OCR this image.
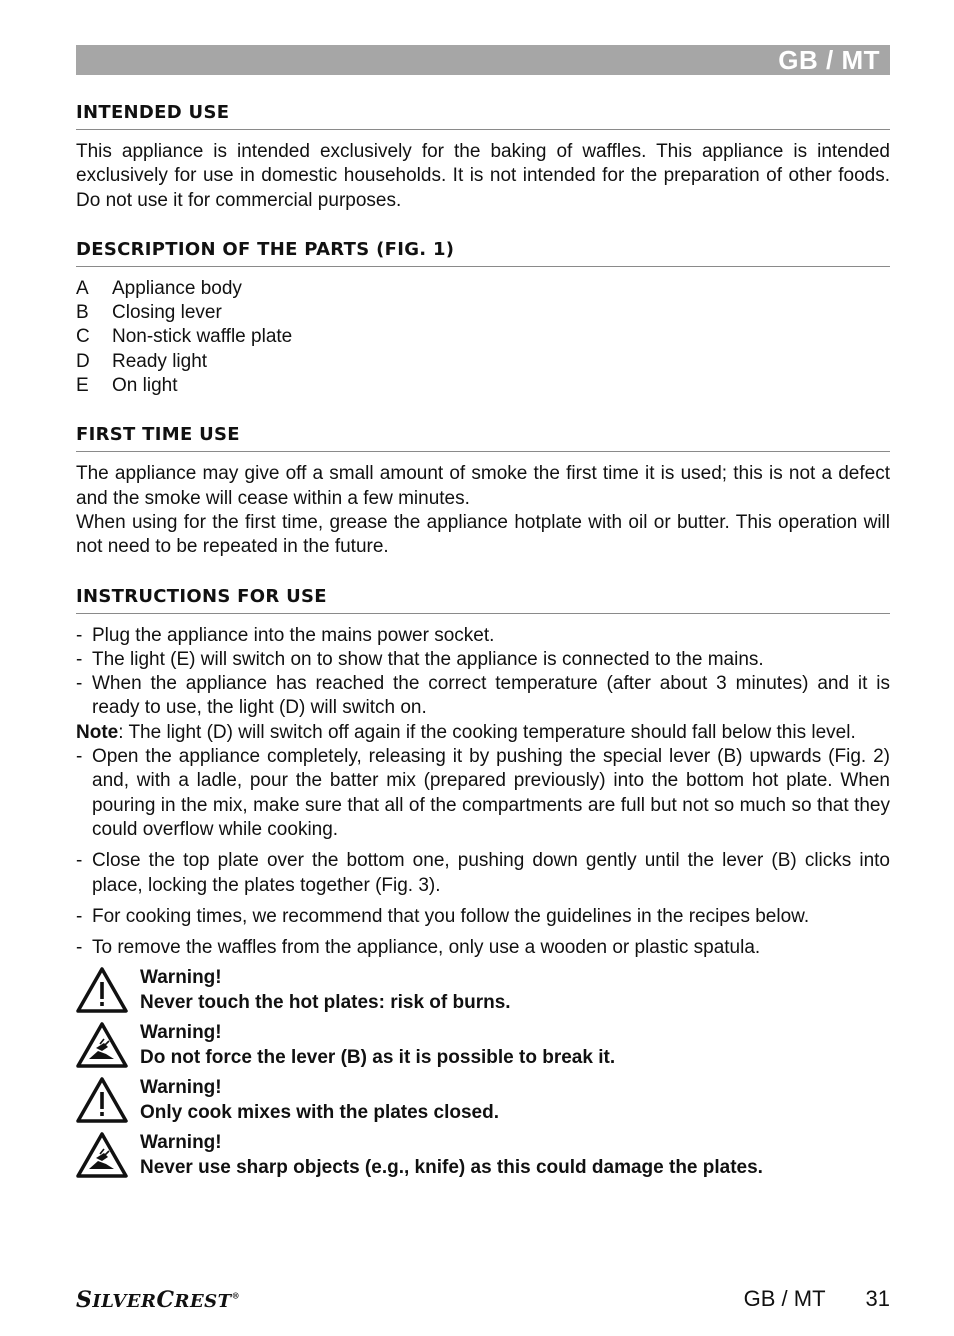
GB / MT
INTENDED USE

This appliance is intended exclusively for the baking of waffles. This appliance is intended exclusively for use in domestic households. It is not intended for the preparation of other foods. Do not use it for commercial purposes.

DESCRIPTION OF THE PARTS (FIG. 1)
A	Appliance body
B	Closing lever
C	Non-stick waffle plate
D	Ready light
E	On light
FIRST TIME USE

The appliance may give off a small amount of smoke the first time it is used; this is not a defect and the smoke will cease within a few minutes.

When using for the first time, grease the appliance hotplate with oil or butter. This operation will not need to be repeated in the future.

INSTRUCTIONS FOR USE
- Plug the appliance into the mains power socket.
- The light (E) will switch on to show that the appliance is connected to the mains.
- When the appliance has reached the correct temperature (after about 3 minutes) and it is ready to use, the light (D) will switch on.
Note: The light (D) will switch off again if the cooking temperature should fall below this level.
- Open the appliance completely, releasing it by pushing the special lever (B) upwards (Fig. 2) and, with a ladle, pour the batter mix (prepared previously) into the bottom hot plate. When pouring in the mix, make sure that all of the compartments are full but not so much so that they could overflow while cooking.
- Close the top plate over the bottom one, pushing down gently until the lever (B) clicks into place, locking the plates together (Fig. 3).
- For cooking times, we recommend that you follow the guidelines in the recipes below.
- To remove the waffles from the appliance, only use a wooden or plastic spatula.
Warning!
Never touch the hot plates: risk of burns.
Warning!
Do not force the lever (B) as it is possible to break it.
Warning!
Only cook mixes with the plates closed.
Warning!
Never use sharp objects (e.g., knife) as this could damage the plates.
SILVERCREST®	GB / MT 31
